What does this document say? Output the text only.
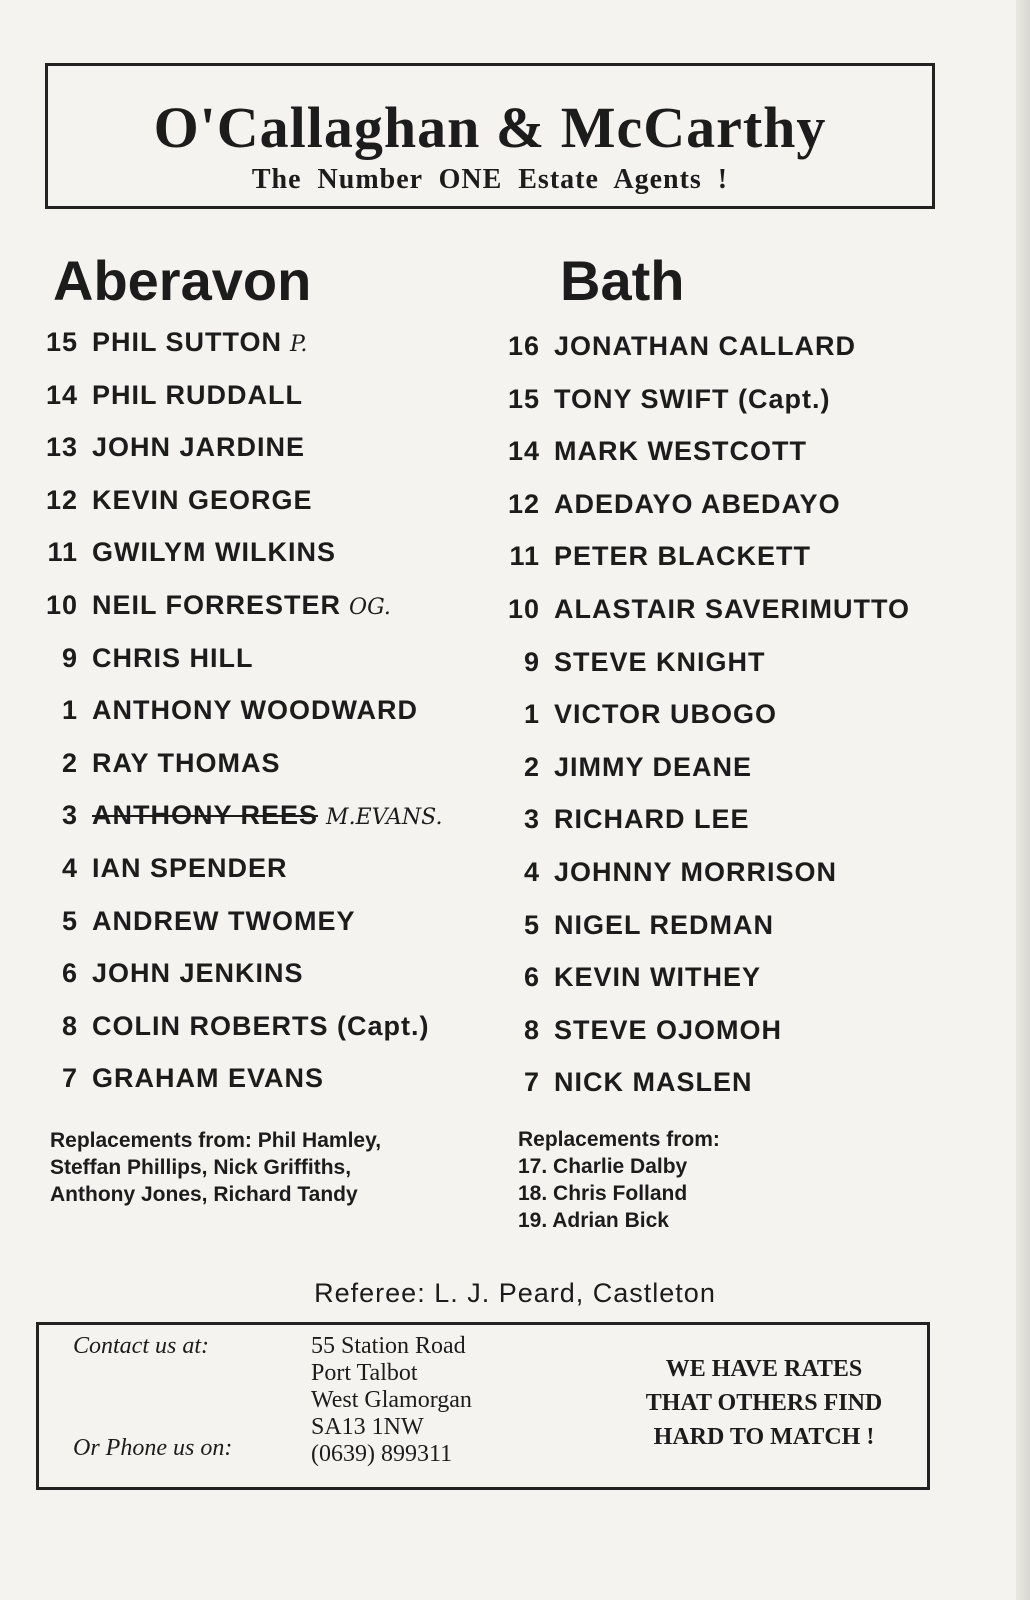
O'Callaghan & McCarthy
The Number ONE Estate Agents !
Aberavon	Bath
15 PHIL SUTTON P.
14 PHIL RUDDALL
13 JOHN JARDINE
12 KEVIN GEORGE
11 GWILYM WILKINS
10 NEIL FORRESTER OG.
9 CHRIS HILL
1 ANTHONY WOODWARD
2 RAY THOMAS
3 ANTHONY REES M.EVANS.
4 IAN SPENDER
5 ANDREW TWOMEY
6 JOHN JENKINS
8 COLIN ROBERTS (Capt.)
7 GRAHAM EVANS
16 JONATHAN CALLARD
15 TONY SWIFT (Capt.)
14 MARK WESTCOTT
12 ADEDAYO ABEDAYO
11 PETER BLACKETT
10 ALASTAIR SAVERIMUTTO
9 STEVE KNIGHT
1 VICTOR UBOGO
2 JIMMY DEANE
3 RICHARD LEE
4 JOHNNY MORRISON
5 NIGEL REDMAN
6 KEVIN WITHEY
8 STEVE OJOMOH
7 NICK MASLEN
Replacements from: Phil Hamley,
Steffan Phillips, Nick Griffiths,
Anthony Jones, Richard Tandy
Replacements from:
17. Charlie Dalby
18. Chris Folland
19. Adrian Bick
Referee: L. J. Peard, Castleton
Contact us at:
Or Phone us on:
55 Station Road
Port Talbot
West Glamorgan
SA13 1NW
(0639) 899311
WE HAVE RATES
THAT OTHERS FIND
HARD TO MATCH !
